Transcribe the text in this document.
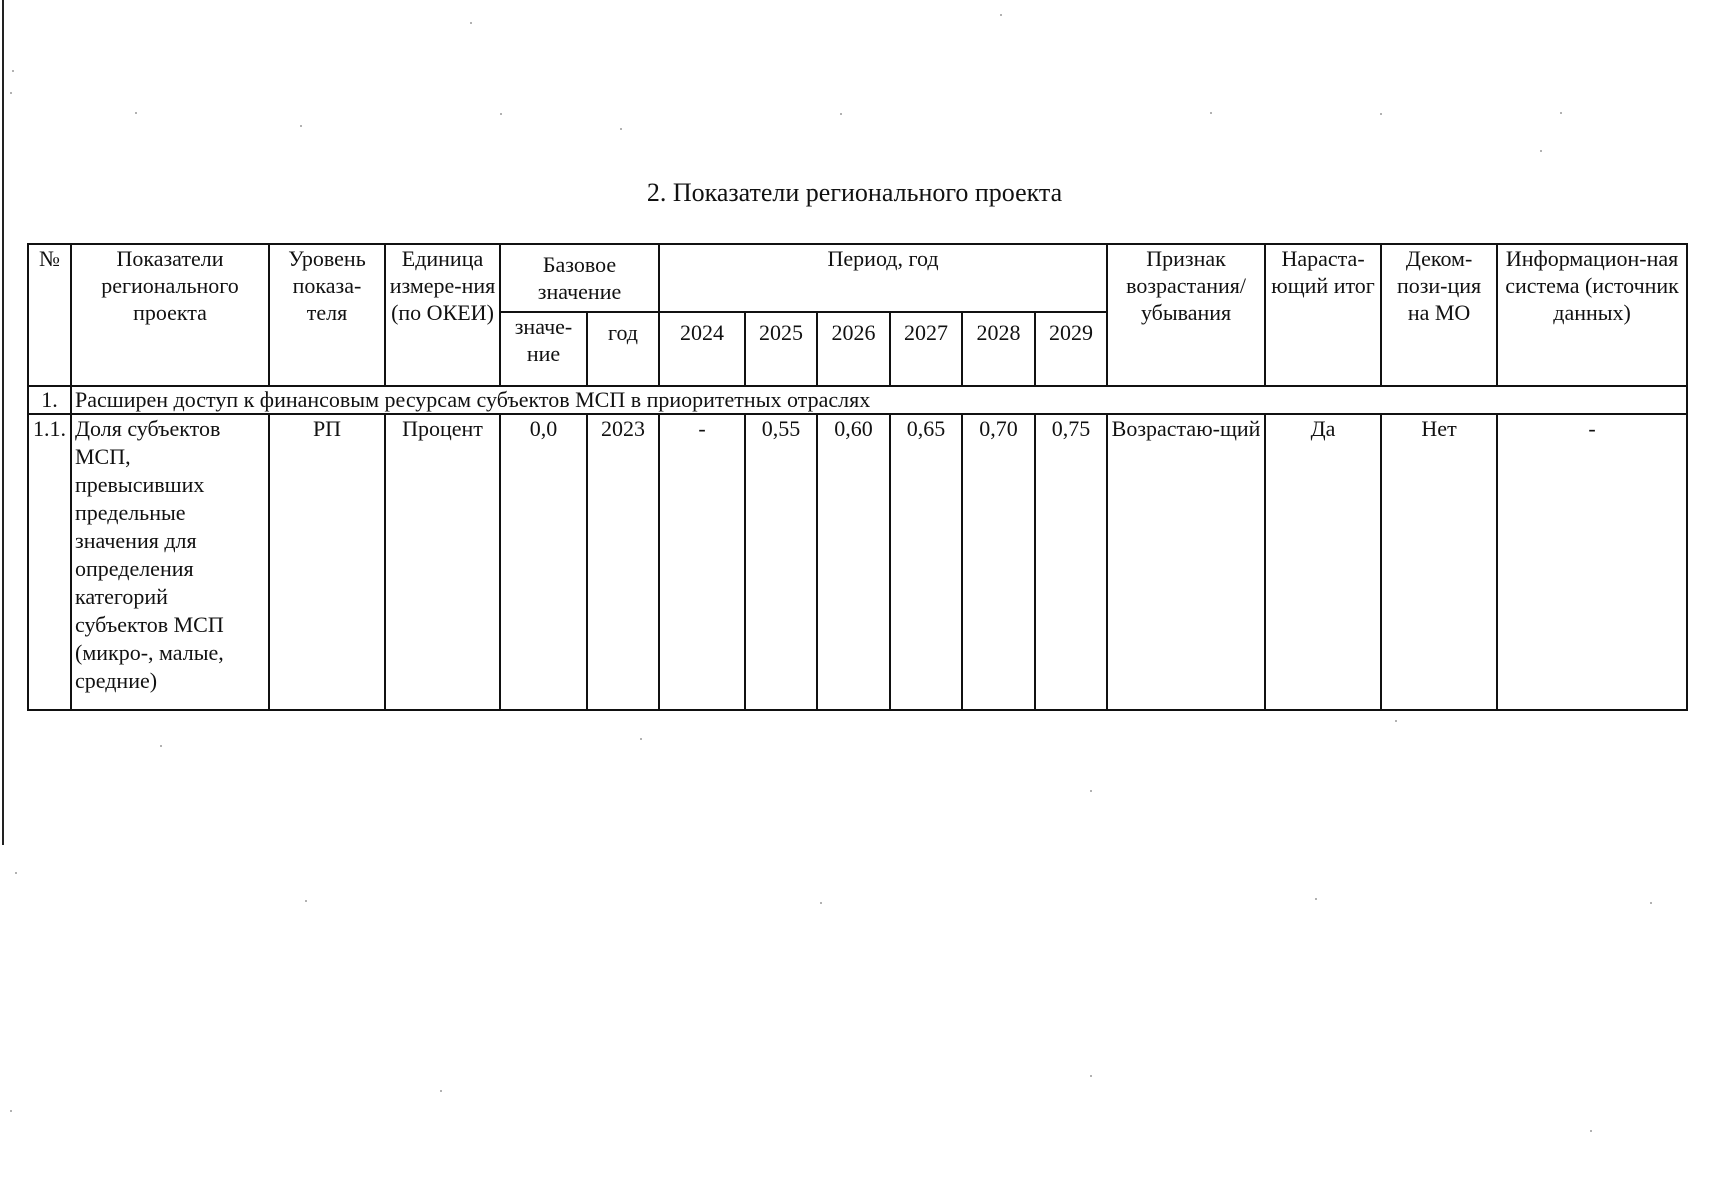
2. Показатели регионального проекта
№	Показатели регионального проекта	Уровень показа-теля	Единица измере-ния (по ОКЕИ)	Базовое значение		Период, год						Признак возрастания/ убывания	Нараста-ющий итог	Деком-пози-ция на МО	Информацион-ная система (источник данных)
				значе-ние	год	2024	2025	2026	2027	2028	2029				
1.	Расширен доступ к финансовым ресурсам субъектов МСП в приоритетных отраслях														
1.1.	Доля субъектов МСП, превысивших предельные значения для определения категорий субъектов МСП (микро-, малые, средние)	РП	Процент	0,0	2023	-	0,55	0,60	0,65	0,70	0,75	Возрастаю-щий	Да	Нет	-
